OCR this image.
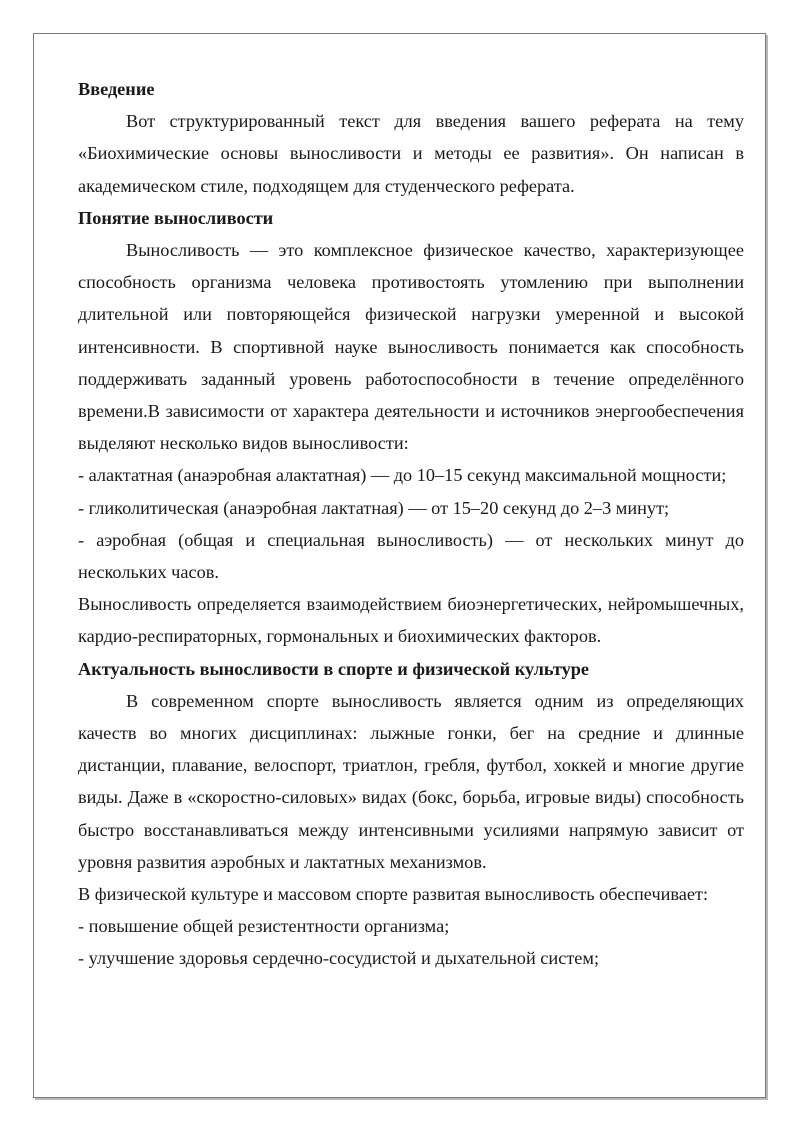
Введение

Вот структурированный текст для введения вашего реферата на тему «Биохимические основы выносливости и методы ее развития». Он написан в академическом стиле, подходящем для студенческого реферата.

Понятие выносливости

Выносливость — это комплексное физическое качество, характеризующее способность организма человека противостоять утомлению при выполнении длительной или повторяющейся физической нагрузки умеренной и высокой интенсивности. В спортивной науке выносливость понимается как способность поддерживать заданный уровень работоспособности в течение определённого времени.В зависимости от характера деятельности и источников энергообеспечения выделяют несколько видов выносливости:

- алактатная (анаэробная алактатная) — до 10–15 секунд максимальной мощности;

- гликолитическая (анаэробная лактатная) — от 15–20 секунд до 2–3 минут;

- аэробная (общая и специальная выносливость) — от нескольких минут до нескольких часов.

Выносливость определяется взаимодействием биоэнергетических, нейромышечных, кардио-респираторных, гормональных и биохимических факторов.

Актуальность выносливости в спорте и физической культуре

В современном спорте выносливость является одним из определяющих качеств во многих дисциплинах: лыжные гонки, бег на средние и длинные дистанции, плавание, велоспорт, триатлон, гребля, футбол, хоккей и многие другие виды. Даже в «скоростно-силовых» видах (бокс, борьба, игровые виды) способность быстро восстанавливаться между интенсивными усилиями напрямую зависит от уровня развития аэробных и лактатных механизмов.

В физической культуре и массовом спорте развитая выносливость обеспечивает:

- повышение общей резистентности организма;

- улучшение здоровья сердечно-сосудистой и дыхательной систем;
